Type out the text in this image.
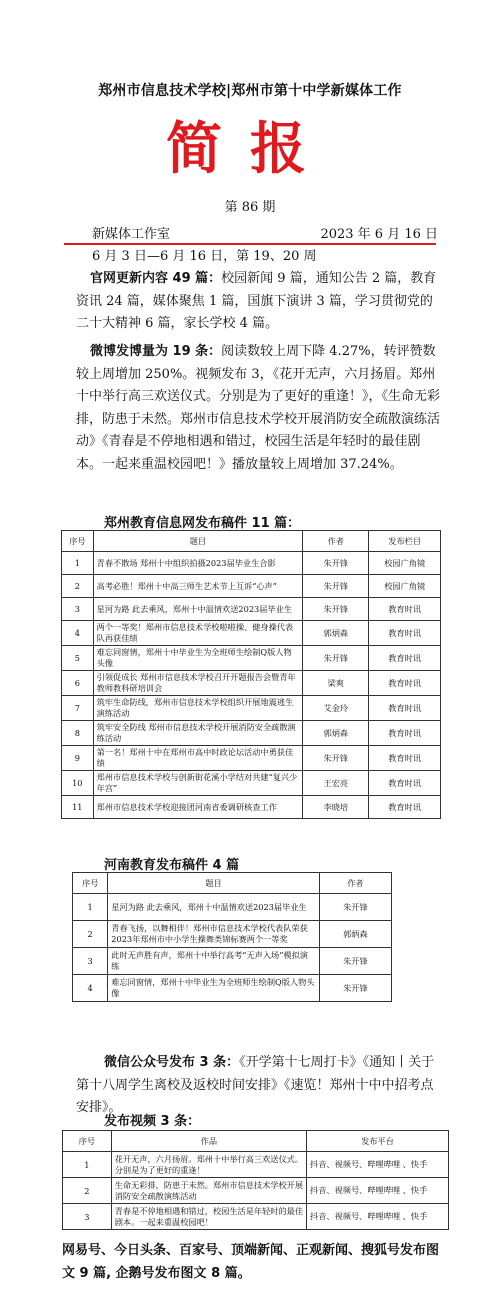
郑州市信息技术学校|郑州市第十中学新媒体工作
简报
第 86 期
新媒体工作室	2023 年 6 月 16 日
6 月 3 日—6 月 16 日，第 19、20 周
官网更新内容 49 篇：校园新闻 9 篇，通知公告 2 篇，教育资讯 24 篇，媒体聚焦 1 篇，国旗下演讲 3 篇，学习贯彻党的二十大精神 6 篇，家长学校 4 篇。
微博发博量为 19 条：阅读数较上周下降 4.27%，转评赞数较上周增加 250%。视频发布 3，《花开无声，六月扬眉。郑州十中举行高三欢送仪式。分别是为了更好的重逢！》，《生命无彩排，防患于未然。郑州市信息技术学校开展消防安全疏散演练活动》《青春是不停地相遇和错过，校园生活是年轻时的最佳剧本。一起来重温校园吧！》播放量较上周增加 37.24%。
郑州教育信息网发布稿件 11 篇：
序号	题目	作者	发布栏目
1	青春不散场 郑州十中组织拍摄2023届毕业生合影	朱开锋	校园广角镜
2	高考必胜！郑州十中高三师生艺术节上互诉“心声”	朱开锋	校园广角镜
3	星河为路 此去乘风，郑州十中温情欢送2023届毕业生	朱开锋	教育时讯
4	两个一等奖！郑州市信息技术学校啦啦操、健身操代表队再获佳绩	郭炳森	教育时讯
5	难忘同窗情，郑州十中毕业生为全班师生绘制Q版人物头像	朱开锋	教育时讯
6	引领促成长 郑州市信息技术学校召开开题报告会暨青年教师教科研培训会	梁爽	教育时讯
7	筑牢生命防线，郑州市信息技术学校组织开展地震逃生演练活动	艾金玲	教育时讯
8	筑牢安全防线 郑州市信息技术学校开展消防安全疏散演练活动	郭炳森	教育时讯
9	第一名！郑州十中在郑州市高中时政论坛活动中勇获佳绩	朱开锋	教育时讯
10	郑州市信息技术学校与创新街花溪小学结对共建“复兴少年宫”	王宏亮	教育时讯
11	郑州市信息技术学校迎接团河南省委调研核查工作	李晓培	教育时讯
河南教育发布稿件 4 篇
序号	题目	作者
1	星河为路 此去乘风，郑州十中温情欢送2023届毕业生	朱开锋
2	青春飞扬，以舞相伴！郑州市信息技术学校代表队荣获2023年郑州市中小学生操舞类锦标赛两个一等奖	郭炳森
3	此时无声胜有声，郑州十中举行高考“无声入场”模拟演练	朱开锋
4	难忘同窗情，郑州十中毕业生为全班师生绘制Q版人物头像	朱开锋
微信公众号发布 3 条：《开学第十七周打卡》《通知丨关于第十八周学生离校及返校时间安排》《速览！郑州十中中招考点安排》。
发布视频 3 条：
序号	作品	发布平台
1	花开无声，六月扬眉。郑州十中举行高三欢送仪式。分别是为了更好的重逢！	抖音、视频号、哔哩哔哩 、快手
2	生命无彩排，防患于未然。郑州市信息技术学校开展消防安全疏散演练活动	抖音、视频号、哔哩哔哩 、快手
3	青春是不停地相遇和错过，校园生活是年轻时的最佳剧本。一起来重温校园吧！	抖音、视频号、哔哩哔哩 、快手
网易号、今日头条、百家号、顶端新闻、正观新闻、搜狐号发布图文 9 篇, 企鹅号发布图文 8 篇。
